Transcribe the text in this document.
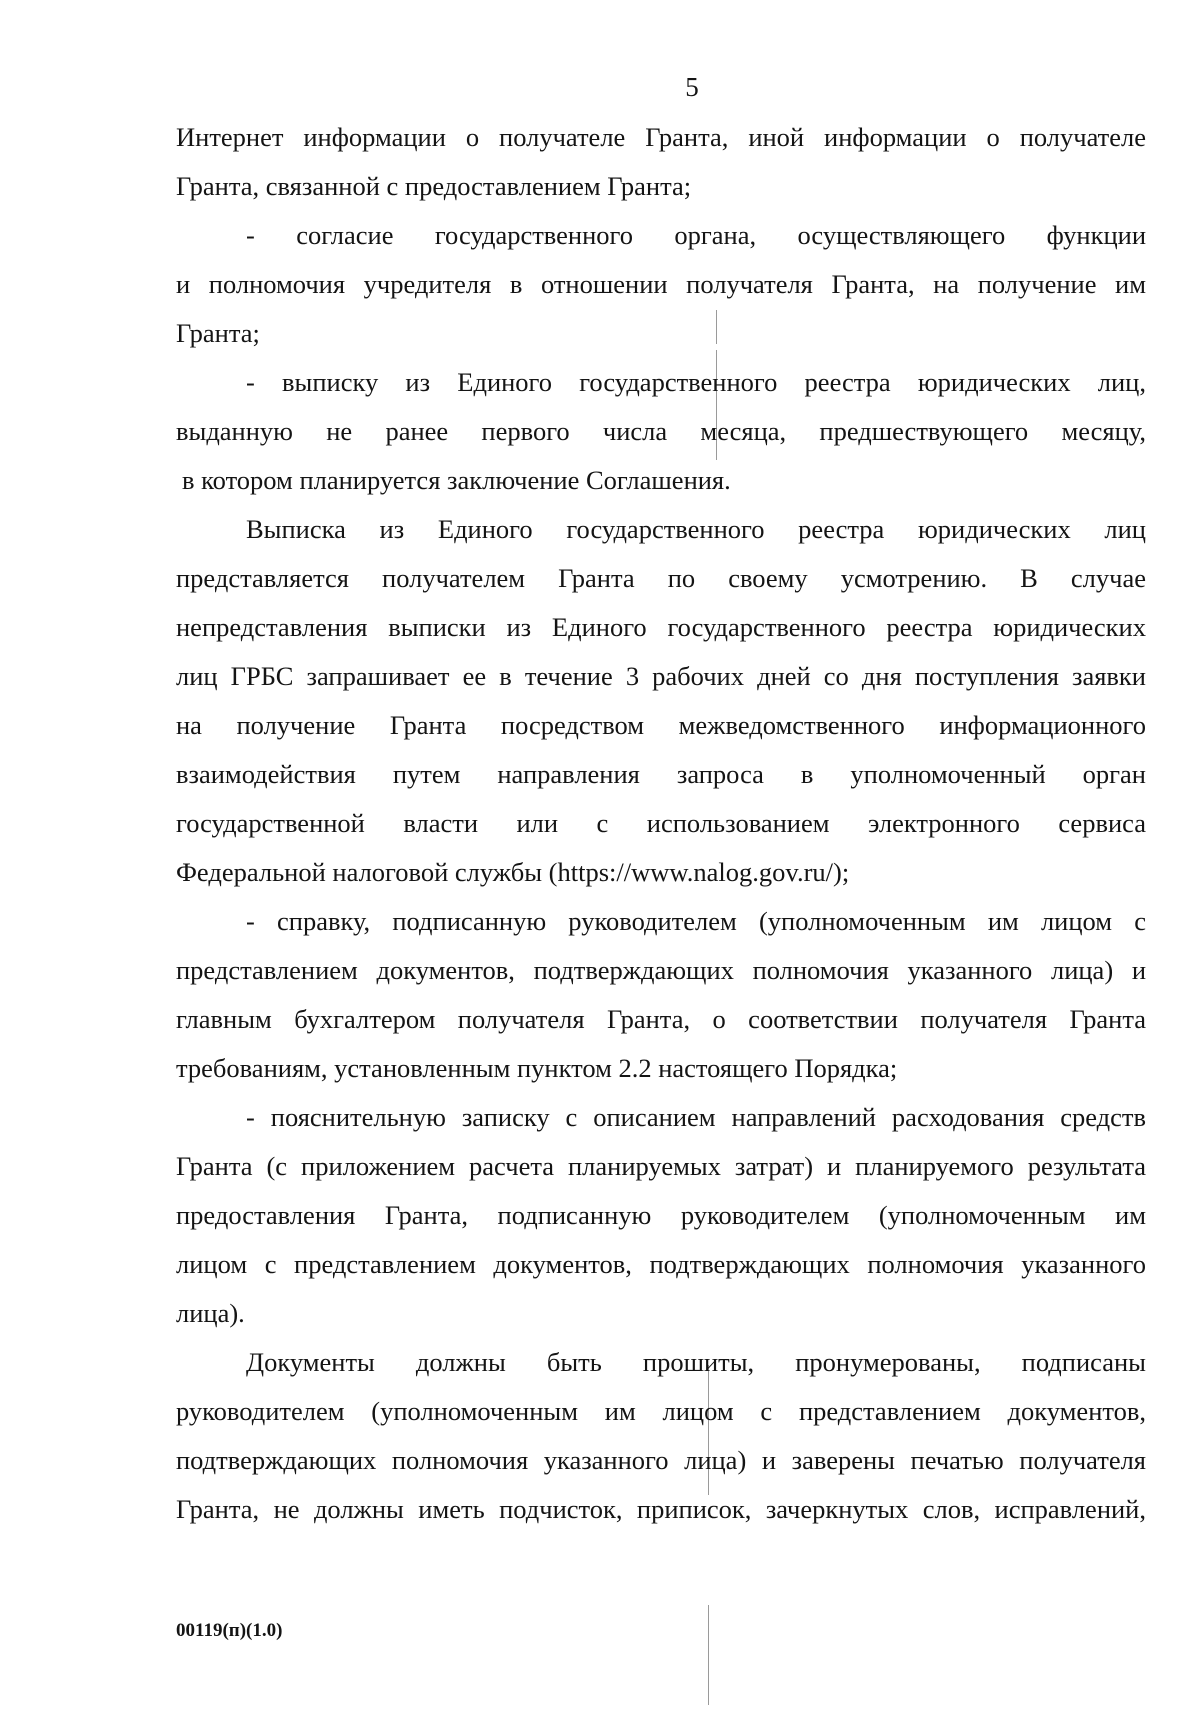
5
Интернет информации о получателе Гранта, иной информации о получателе
Гранта, связанной с предоставлением Гранта;
- согласие государственного органа, осуществляющего функции
и полномочия учредителя в отношении получателя Гранта, на получение им
Гранта;
- выписку из Единого государственного реестра юридических лиц,
выданную не ранее первого числа месяца, предшествующего месяцу,
в котором планируется заключение Соглашения.
Выписка из Единого государственного реестра юридических лиц
представляется получателем Гранта по своему усмотрению. В случае
непредставления выписки из Единого государственного реестра юридических
лиц ГРБС запрашивает ее в течение 3 рабочих дней со дня поступления заявки
на получение Гранта посредством межведомственного информационного
взаимодействия путем направления запроса в уполномоченный орган
государственной власти или с использованием электронного сервиса
Федеральной налоговой службы (https://www.nalog.gov.ru/);
- справку, подписанную руководителем (уполномоченным им лицом с
представлением документов, подтверждающих полномочия указанного лица) и
главным бухгалтером получателя Гранта, о соответствии получателя Гранта
требованиям, установленным пунктом 2.2 настоящего Порядка;
- пояснительную записку с описанием направлений расходования средств
Гранта (с приложением расчета планируемых затрат) и планируемого результата
предоставления Гранта, подписанную руководителем (уполномоченным им
лицом с представлением документов, подтверждающих полномочия указанного
лица).
Документы должны быть прошиты, пронумерованы, подписаны
руководителем (уполномоченным им лицом с представлением документов,
подтверждающих полномочия указанного лица) и заверены печатью получателя
Гранта, не должны иметь подчисток, приписок, зачеркнутых слов, исправлений,
00119(п)(1.0)
